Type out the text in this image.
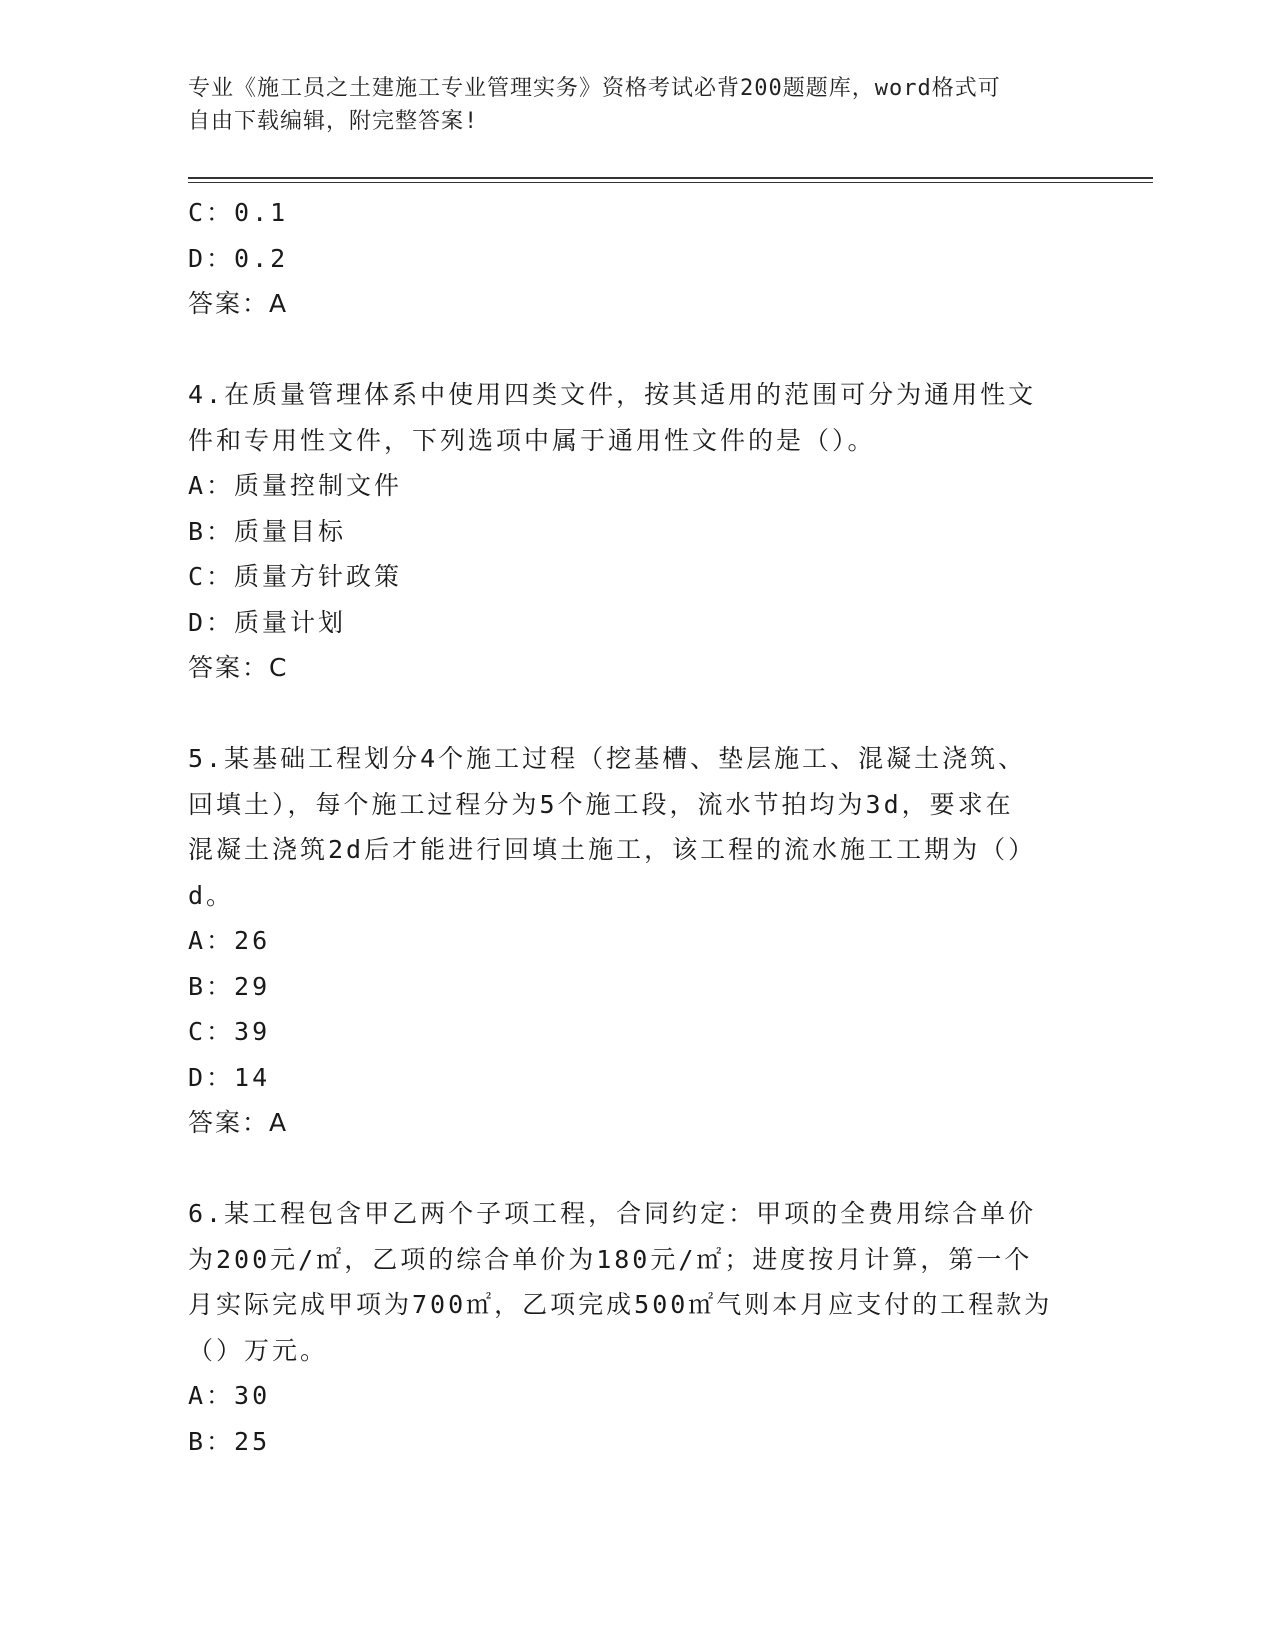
专业《施工员之土建施工专业管理实务》资格考试必背200题题库，word格式可
自由下载编辑，附完整答案!
C：0.1
D：0.2
答案：A
4.在质量管理体系中使用四类文件，按其适用的范围可分为通用性文
件和专用性文件，下列选项中属于通用性文件的是（）。
A：质量控制文件
B：质量目标
C：质量方针政策
D：质量计划
答案：C
5.某基础工程划分4个施工过程（挖基槽、垫层施工、混凝土浇筑、
回填土），每个施工过程分为5个施工段，流水节拍均为3d，要求在
混凝土浇筑2d后才能进行回填土施工，该工程的流水施工工期为（）
d。
A：26
B：29
C：39
D：14
答案：A
6.某工程包含甲乙两个子项工程，合同约定：甲项的全费用综合单价
为200元/㎡，乙项的综合单价为180元/㎡；进度按月计算，第一个
月实际完成甲项为700㎡，乙项完成500㎡气则本月应支付的工程款为
（）万元。
A：30
B：25
